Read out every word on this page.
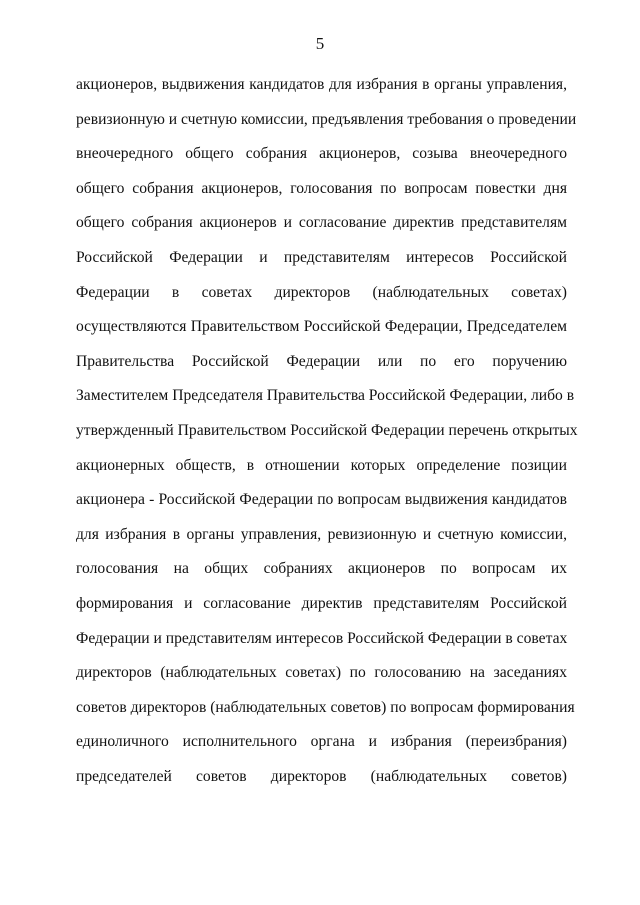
5
акционеров, выдвижения кандидатов для избрания в органы управления,
ревизионную и счетную комиссии, предъявления требования о проведении
внеочередного общего собрания акционеров, созыва внеочередного
общего собрания акционеров, голосования по вопросам повестки дня
общего собрания акционеров и согласование директив представителям
Российской Федерации и представителям интересов Российской
Федерации в советах директоров (наблюдательных советах)
осуществляются Правительством Российской Федерации, Председателем
Правительства Российской Федерации или по его поручению
Заместителем Председателя Правительства Российской Федерации, либо в
утвержденный Правительством Российской Федерации перечень открытых
акционерных обществ, в отношении которых определение позиции
акционера - Российской Федерации по вопросам выдвижения кандидатов
для избрания в органы управления, ревизионную и счетную комиссии,
голосования на общих собраниях акционеров по вопросам их
формирования и согласование директив представителям Российской
Федерации и представителям интересов Российской Федерации в советах
директоров (наблюдательных советах) по голосованию на заседаниях
советов директоров (наблюдательных советов) по вопросам формирования
единоличного исполнительного органа и избрания (переизбрания)
председателей советов директоров (наблюдательных советов)
